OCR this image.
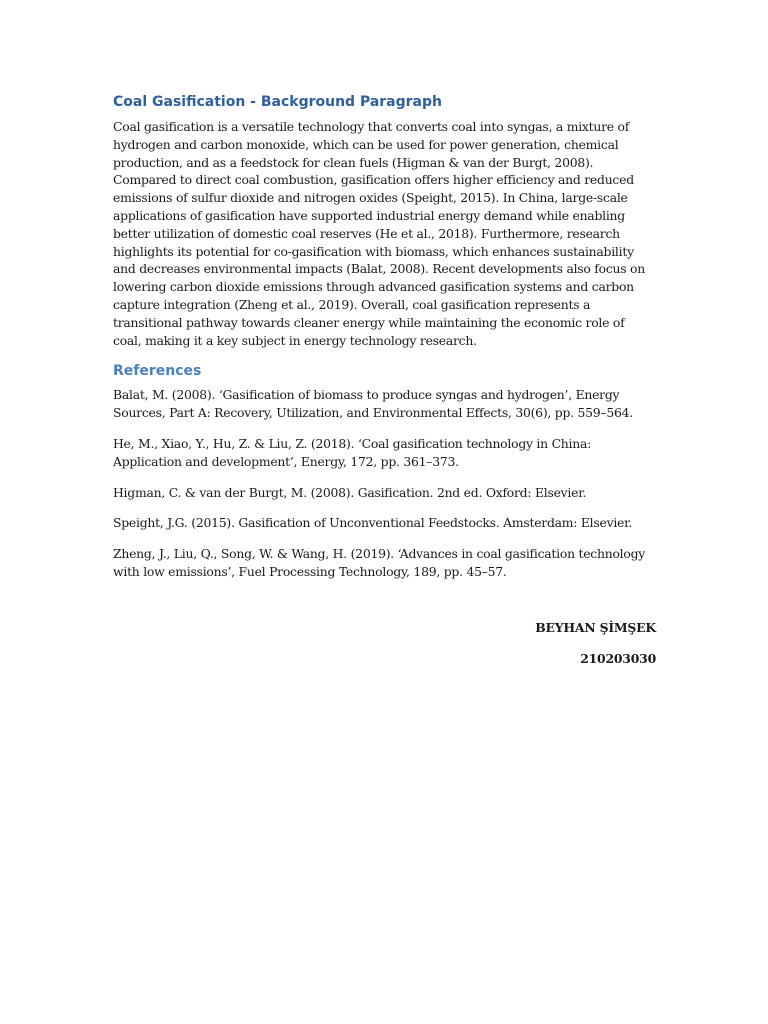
Coal Gasification - Background Paragraph

Coal gasification is a versatile technology that converts coal into syngas, a mixture of hydrogen and carbon monoxide, which can be used for power generation, chemical production, and as a feedstock for clean fuels (Higman & van der Burgt, 2008). Compared to direct coal combustion, gasification offers higher efficiency and reduced emissions of sulfur dioxide and nitrogen oxides (Speight, 2015). In China, large-scale applications of gasification have supported industrial energy demand while enabling better utilization of domestic coal reserves (He et al., 2018). Furthermore, research highlights its potential for co-gasification with biomass, which enhances sustainability and decreases environmental impacts (Balat, 2008). Recent developments also focus on lowering carbon dioxide emissions through advanced gasification systems and carbon capture integration (Zheng et al., 2019). Overall, coal gasification represents a transitional pathway towards cleaner energy while maintaining the economic role of coal, making it a key subject in energy technology research.

References

Balat, M. (2008). ‘Gasification of biomass to produce syngas and hydrogen’, Energy Sources, Part A: Recovery, Utilization, and Environmental Effects, 30(6), pp. 559–564.

He, M., Xiao, Y., Hu, Z. & Liu, Z. (2018). ‘Coal gasification technology in China: Application and development’, Energy, 172, pp. 361–373.

Higman, C. & van der Burgt, M. (2008). Gasification. 2nd ed. Oxford: Elsevier.

Speight, J.G. (2015). Gasification of Unconventional Feedstocks. Amsterdam: Elsevier.

Zheng, J., Liu, Q., Song, W. & Wang, H. (2019). ‘Advances in coal gasification technology with low emissions’, Fuel Processing Technology, 189, pp. 45–57.

BEYHAN ŞİMŞEK

210203030
